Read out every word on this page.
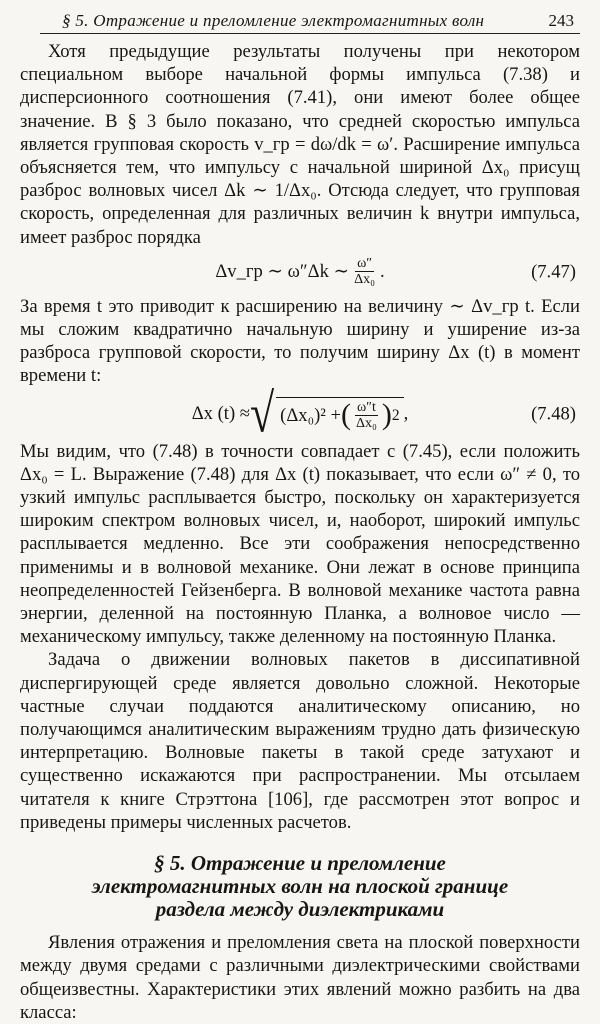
§ 5. Отражение и преломление электромагнитных волн	243

Хотя предыдущие результаты получены при некотором специальном выборе начальной формы импульса (7.38) и дисперсионного соотношения (7.41), они имеют более общее значение. В § 3 было показано, что средней скоростью импульса является групповая скорость v_гр = dω/dk = ω′. Расширение импульса объясняется тем, что импульсу с начальной шириной Δx₀ присущ разброс волновых чисел Δk ∼ 1/Δx₀. Отсюда следует, что групповая скорость, определенная для различных величин k внутри импульса, имеет разброс порядка

Δv_гр ∼ ω″Δk ∼ $\frac{\omega''}{\text{Δx₀}}$ .	(7.47)

За время t это приводит к расширению на величину ∼ Δv_гр t. Если мы сложим квадратично начальную ширину и уширение из-за разброса групповой скорости, то получим ширину Δx (t) в момент времени t:

Δx (t) ≈ √ (Δx₀)² + ( $\frac{\omega''t}{\text{Δx₀}}$ ) 2 ,	(7.48)

Мы видим, что (7.48) в точности совпадает с (7.45), если положить Δx₀ = L. Выражение (7.48) для Δx (t) показывает, что если ω″ ≠ 0, то узкий импульс расплывается быстро, поскольку он характеризуется широким спектром волновых чисел, и, наоборот, широкий импульс расплывается медленно. Все эти соображения непосредственно применимы и в волновой механике. Они лежат в основе принципа неопределенностей Гейзенберга. В волновой механике частота равна энергии, деленной на постоянную Планка, а волновое число — механическому импульсу, также деленному на постоянную Планка.

Задача о движении волновых пакетов в диссипативной диспергирующей среде является довольно сложной. Некоторые частные случаи поддаются аналитическому описанию, но получающимся аналитическим выражениям трудно дать физическую интерпретацию. Волновые пакеты в такой среде затухают и существенно искажаются при распространении. Мы отсылаем читателя к книге Стрэттона [106], где рассмотрен этот вопрос и приведены примеры численных расчетов.

§ 5. Отражение и преломление
электромагнитных волн на плоской границе
раздела между диэлектриками

Явления отражения и преломления света на плоской поверхности между двумя средами с различными диэлектрическими свойствами общеизвестны. Характеристики этих явлений можно разбить на два класса:
